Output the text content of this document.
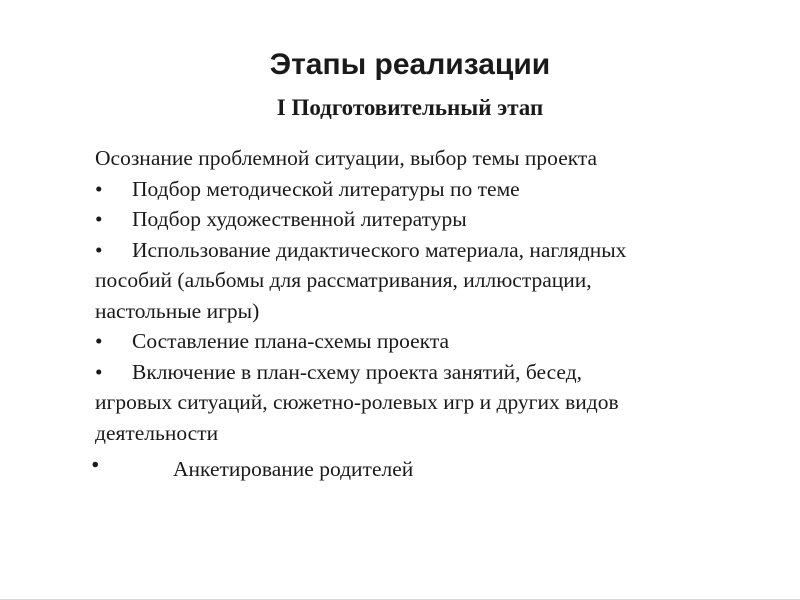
Этапы реализации
I Подготовительный этап

Осознание проблемной ситуации, выбор темы проекта

• Подбор методической литературы по теме

• Подбор художественной литературы

• Использование дидактического материала, наглядных

пособий (альбомы для рассматривания, иллюстрации,

настольные игры)

• Составление плана-схемы проекта

• Включение в план-схему проекта занятий, бесед,

игровых ситуаций, сюжетно-ролевых игр и других видов

деятельности

.	Анкетирование родителей
